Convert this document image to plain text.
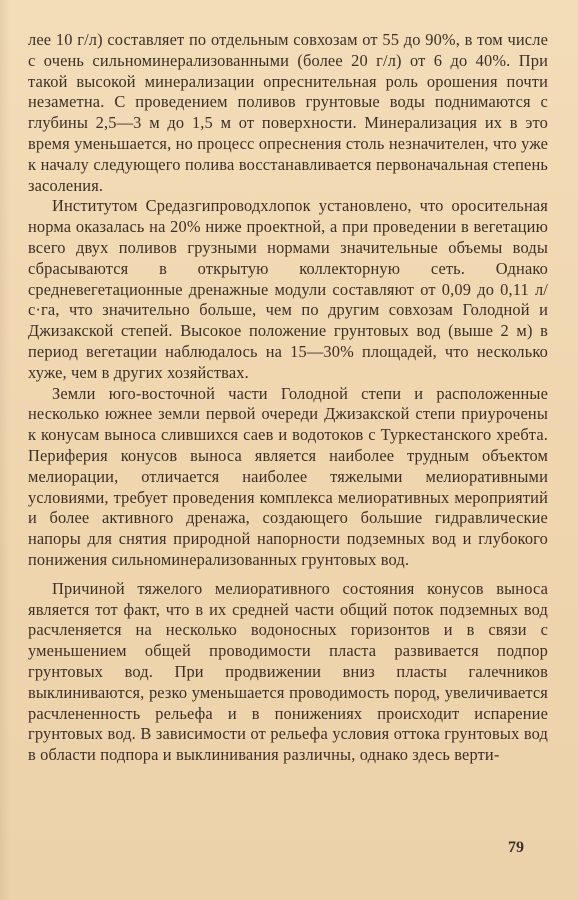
лее 10 г/л) составляет по отдельным совхозам от 55 до 90%, в том числе с очень сильноминерализованными (более 20 г/л) от 6 до 40%. При такой высокой минерализации опреснительная роль орошения почти незаметна. С проведением поливов грунтовые воды поднимаются с глубины 2,5—3 м до 1,5 м от поверхности. Минерализация их в это время уменьшается, но процесс опреснения столь незначителен, что уже к началу следующего полива восстанавливается первоначальная степень засоления.

Институтом Средазгипроводхлопок установлено, что оросительная норма оказалась на 20% ниже проектной, а при проведении в вегетацию всего двух поливов грузными нормами значительные объемы воды сбрасываются в открытую коллекторную сеть. Однако средневегетационные дренажные модули составляют от 0,09 до 0,11 л/с·га, что значительно больше, чем по другим совхозам Голодной и Джизакской степей. Высокое положение грунтовых вод (выше 2 м) в период вегетации наблюдалось на 15—30% площадей, что несколько хуже, чем в других хозяйствах.

Земли юго-восточной части Голодной степи и расположенные несколько южнее земли первой очереди Джизакской степи приурочены к конусам выноса слившихся саев и водотоков с Туркестанского хребта. Периферия конусов выноса является наиболее трудным объектом мелиорации, отличается наиболее тяжелыми мелиоративными условиями, требует проведения комплекса мелиоративных мероприятий и более активного дренажа, создающего большие гидравлические напоры для снятия природной напорности подземных вод и глубокого понижения сильноминерализованных грунтовых вод.

Причиной тяжелого мелиоративного состояния конусов выноса является тот факт, что в их средней части общий поток подземных вод расчленяется на несколько водоносных горизонтов и в связи с уменьшением общей проводимости пласта развивается подпор грунтовых вод. При продвижении вниз пласты галечников выклиниваются, резко уменьшается проводимость пород, увеличивается расчлененность рельефа и в понижениях происходит испарение грунтовых вод. В зависимости от рельефа условия оттока грунтовых вод в области подпора и выклинивания различны, однако здесь верти-

79
